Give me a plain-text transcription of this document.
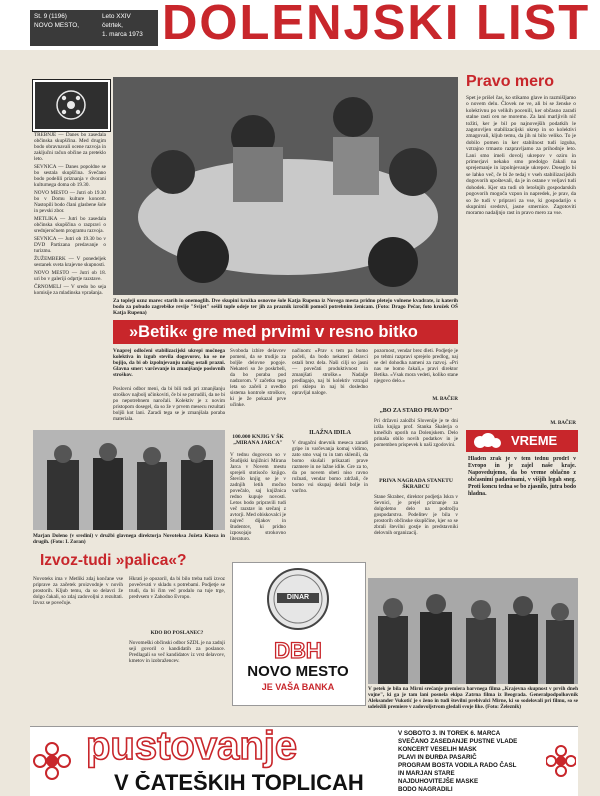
St. 9 (1196)	Leto XXIV
NOVO MESTO,	četrtek,
1. marca 1973 DOLENJSKI LIST

TREBNJE — Danes bo zasedala občinska skupščina. Med drugim bodo obravnavali ocene razvoja in zaključni račun občine za preteklo leto.

SEVNICA — Danes popoldne se bo sestala skupščina. Svečano bodo podelili priznanja v dvorani kulturnega doma ob 19.30.

NOVO MESTO — Jutri ob 19.30 bo v Domu kulture koncert. Nastopili bodo člani glasbene šole in pevski zbor.

METLIKA — Jutri bo zasedala občinska skupščina o razpravi o srednjeročnem programu razvoja.

SEVNICA — Jutri ob 19.30 bo v DVD Partizana predavanje o turizmu.

ŽUŽEMBERK — V ponedeljek sestanek sveta krajevne skupnosti.

NOVO MESTO — Jutri ob 18. uri bo v galeriji odprtje razstave.

ČRNOMELJ — V sredo bo seja komisije za mladinska vprašanja.

Za topleji oznz marec starih in onemoglih. Dve skupini krožka osnovne šole Katja Rupena iz Novega mesta pridno pletejo volnene kvadrate, iz katerih bodo za pobudo zagrebške revije "Svijet" sešili tople odeje ter jih za praznik izročili pomoči potrebnim ženicam. (Foto: Drago Pečar, foto krožek OŠ Katja Rupena)
Pravo mero
Spet je prišel čas, ko stikamo glave in razmišljamo o novem delu. Človek ne ve, ali bi se ženske o kolektivnu po velikih pocenili, ker občasno zaradi stalne rasti cen ne moremo. Za lani marljivih nič tožiti, ker je bil po najnovejših podatkih le zagotovljen stabilizacijski ukrep in so kolektivi zmagovali, kljub temu, da jih ni bilo veliko. To je dobilo pomen in ker stabilnost tudi izguba, vztrajno trmasto razpravljamo za prihodnje leto. Lani smo imeli dovolj ukrepov v oziru in primerjavi nekako smo predolgo čakali na sprejemanje in izpolnjevanje ukrepov. Doseglo bi se lahko več, če bi že tedaj v vseh stabilizacijskih dogovorih upoštevali, da je in ostane v veljavi tudi dohodek. Kjer sta tudi ob letošnjih gospodarskih pogovorih mogoča vzpon in napredek, je prav, da so že tudi v pripravi za vse, ki gospodarijo s skupnimi sredstvi, jasne smernice. Zagotoviti moramo nadaljnjo rast in pravo mero za vse.
M. BAČER
VREME
Hladen zrak je v tem tednu prodrl v Evropo in je zajel naše kraje. Napovedujemo, da bo vreme oblačno z občasnimi padavinami, v višjih legah sneg. Proti koncu tedna se bo zjasnilo, jutra bodo hladna.
»Betik« gre med prvimi v resno bitko
Vnaprej odločeni stabilizacijski ukrepi močnega kolektiva in izgub stevila dogovorov, ko se ne bojijo, da bi ob izpolnjevanju nalog ostali prazni. Glavna smer: varčevanje in zmanjšanje poslovnih stroškov.
Poslovni odbor meni, da bi bili tudi pri zmanjšanju stroškov najbolj učinkoviti, če bi se potrudili, da ne bi po nepotrebnem naročali. Kolektiv je z novim pristopom dosegel, da so že v prvem mesecu rezultati boljši kot lani. Zaradi tega se je zmanjšala poraba materiala.
Svoboda izbire delavcev pomeni, da se trudijo za boljše delovne pogoje. Nekateri so že poskrbeli, da bo poraba pod nadzorom. V začetku tega leta so začeli z uvedbo sistema kontrole stroškov, ki je že pokazal prve učinke.
načinom: »Prav s tem pa bomo počeli, da bodo nekateri delavci ostali brez dela. Naši cilji so jasni — povečati produktivnost in zmanjšati stroške.« Nadalje predlagajo, naj bi kolektiv vztrajal pri sklepu in naj bi dosledno opravljal naloge.
pozornost, vendar brez dleti. Podjetje je po tehtni razpravi sprejelo predlog, naj se del dohodka nameni za razvoj. »Pri nas ne bomo čakali,« pravi direktor Betika. »Vsak mora vedeti, koliko stane njegovo delo.«
M. BAČER
Marjan Doleno (v sredini) v družbi glavnega direktorja Novoteksa Jožeta Kneza in drugih. (Foto: I. Zoran)
Izvoz-tudi »palica«?
Novoteks ima v Metliki zdaj končane vse priprave za začetek proizvodnje v novih prostorih. Kljub temu, da so delavci že dolgo čakali, so zdaj zadovoljni z rezultati. Izvoz se povečuje.
Hkrati je opozoril, da bi bilo treba tudi izvoz povečevati v skladu s potrebami. Podjetje se trudi, da bi čim več prodalo na tuje trge, predvsem v Zahodno Evropo.
KDO BO POSLANEC?
Novomeški občinski odbor SZDL je na zadnji seji govoril o kandidatih za poslance. Predlagali so več kandidatov iz vrst delavcev, kmetov in izobražencev.
ILAŽNA IDILA
V drugačni dnevnik meseca zaradi gripe in varčevanja komaj vidimo, zato smo vsaj tu in tam sklenili, da bomo skušali prikazati prave razmere in ne lažne idile. Gre za to, da po novem obeti niso ravno rožnati, vendar bomo zdržali, če bomo vsi skupaj delali bolje in varčno.
100.000 KNJIG V ŠK „MIRANA JARCA"
V tednu dogovora so v Študijski knjižnici Mirana Jarca v Novem mestu sprejeli stotisočo knjigo. Število knjig se je v zadnjih letih močno povečalo, saj knjižnica redno kupuje novosti. Letos bodo pripravili tudi več razstav in srečanj z avtorji. Med obiskovalci je največ dijakov in študentov, ki pridno izposojajo strokovno literaturo.
„BO ZA STARO PRAVDO"
Pri državni založbi Slovenije je te dni izšla knjiga prof. Stanka Škalerja o kmečkih uporih na Dolenjskem. Delo prinaša obilo novih podatkov in je pomemben prispevek k naši zgodovini.
PRIVA NAGRADA STANETU ŠKRABCU
Stane Škrabec, direktor podjetja Iskra v Sevnici, je prejel priznanje za dolgoletno delo na področju gospodarstva. Podelitev je bila v prostorih občinske skupščine, kjer so se zbrali številni gostje in predstavniki delovnih organizacij.
DINAR
DBH
NOVO MESTO
JE VAŠA BANKA	V petek je bila na Mirni srečanje premiera barvnega filma „Krajevna skupnost v prvih dneh vojne", ki ga je tam lani posnela ekipa Zatrna filma iz Beograda. Generalpodpolkovnik Aleksander Vukotić je s ženo in tudi številni prebivalci Mirne, ki so sodelovali pri filmu, so se udeležili premiere v zadovoljstvom gledali svoje like. (Foto: Železnik)
pustovanje
V ČATEŠKIH TOPLICAH
V SOBOTO 3. IN TOREK 6. MARCA
SVEČANO ZASEDANJE PUSTNE VLADE
KONCERT VESELIH MASK
PLAVI IN ĐURĐA PASARIČ
PROGRAM BOSTA VODILA RADO ČASL
IN MARJAN STARE
NAJDUHOVITEJŠE MASKE
BODO NAGRADILI
